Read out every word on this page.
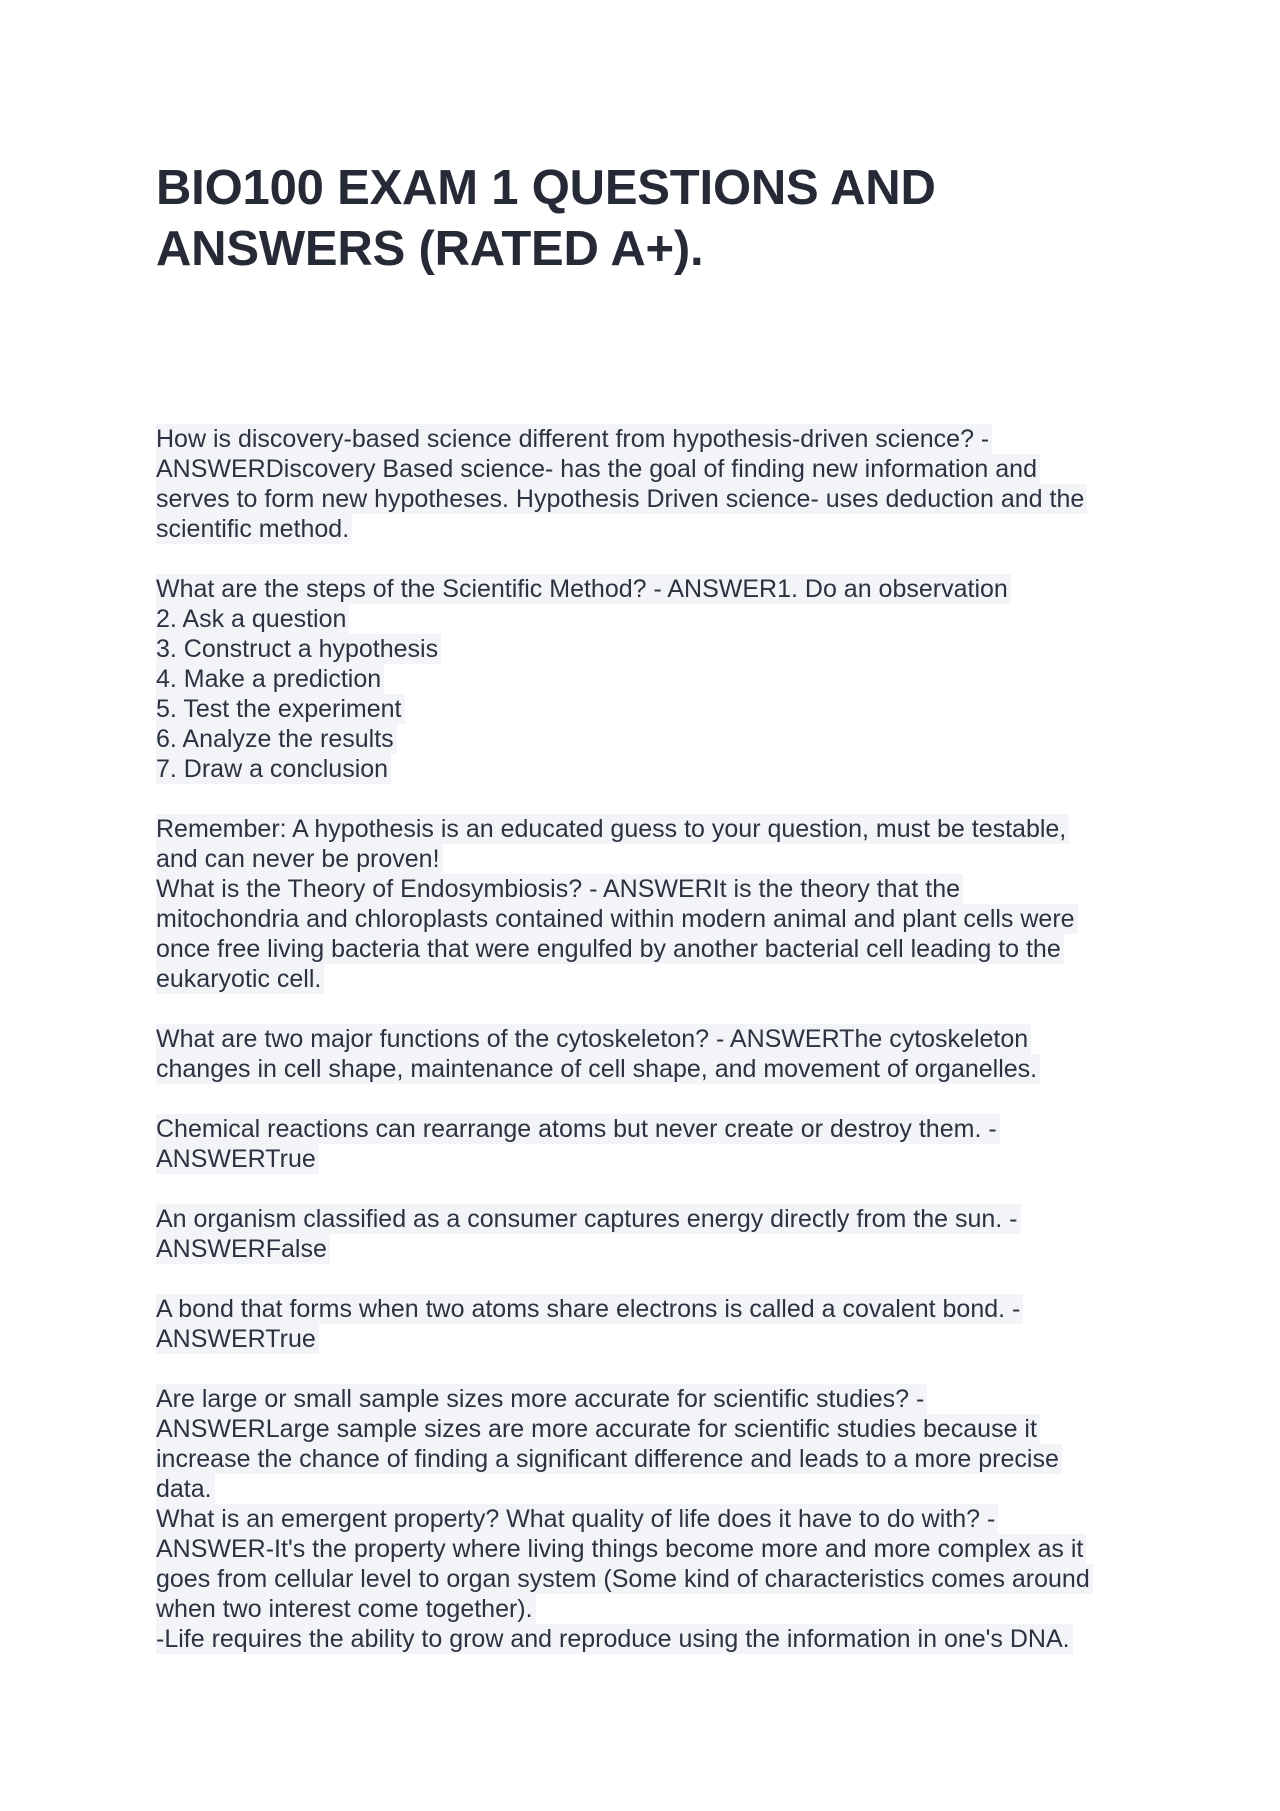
BIO100 EXAM 1 QUESTIONS AND
ANSWERS (RATED A+).
How is discovery-based science different from hypothesis-driven science? -
ANSWERDiscovery Based science- has the goal of finding new information and
serves to form new hypotheses. Hypothesis Driven science- uses deduction and the
scientific method.
What are the steps of the Scientific Method? - ANSWER1. Do an observation
2. Ask a question
3. Construct a hypothesis
4. Make a prediction
5. Test the experiment
6. Analyze the results
7. Draw a conclusion
Remember: A hypothesis is an educated guess to your question, must be testable,
and can never be proven!
What is the Theory of Endosymbiosis? - ANSWERIt is the theory that the
mitochondria and chloroplasts contained within modern animal and plant cells were
once free living bacteria that were engulfed by another bacterial cell leading to the
eukaryotic cell.
What are two major functions of the cytoskeleton? - ANSWERThe cytoskeleton
changes in cell shape, maintenance of cell shape, and movement of organelles.
Chemical reactions can rearrange atoms but never create or destroy them. -
ANSWERTrue
An organism classified as a consumer captures energy directly from the sun. -
ANSWERFalse
A bond that forms when two atoms share electrons is called a covalent bond. -
ANSWERTrue
Are large or small sample sizes more accurate for scientific studies? -
ANSWERLarge sample sizes are more accurate for scientific studies because it
increase the chance of finding a significant difference and leads to a more precise
data.
What is an emergent property? What quality of life does it have to do with? -
ANSWER-It's the property where living things become more and more complex as it
goes from cellular level to organ system (Some kind of characteristics comes around
when two interest come together).
-Life requires the ability to grow and reproduce using the information in one's DNA.
